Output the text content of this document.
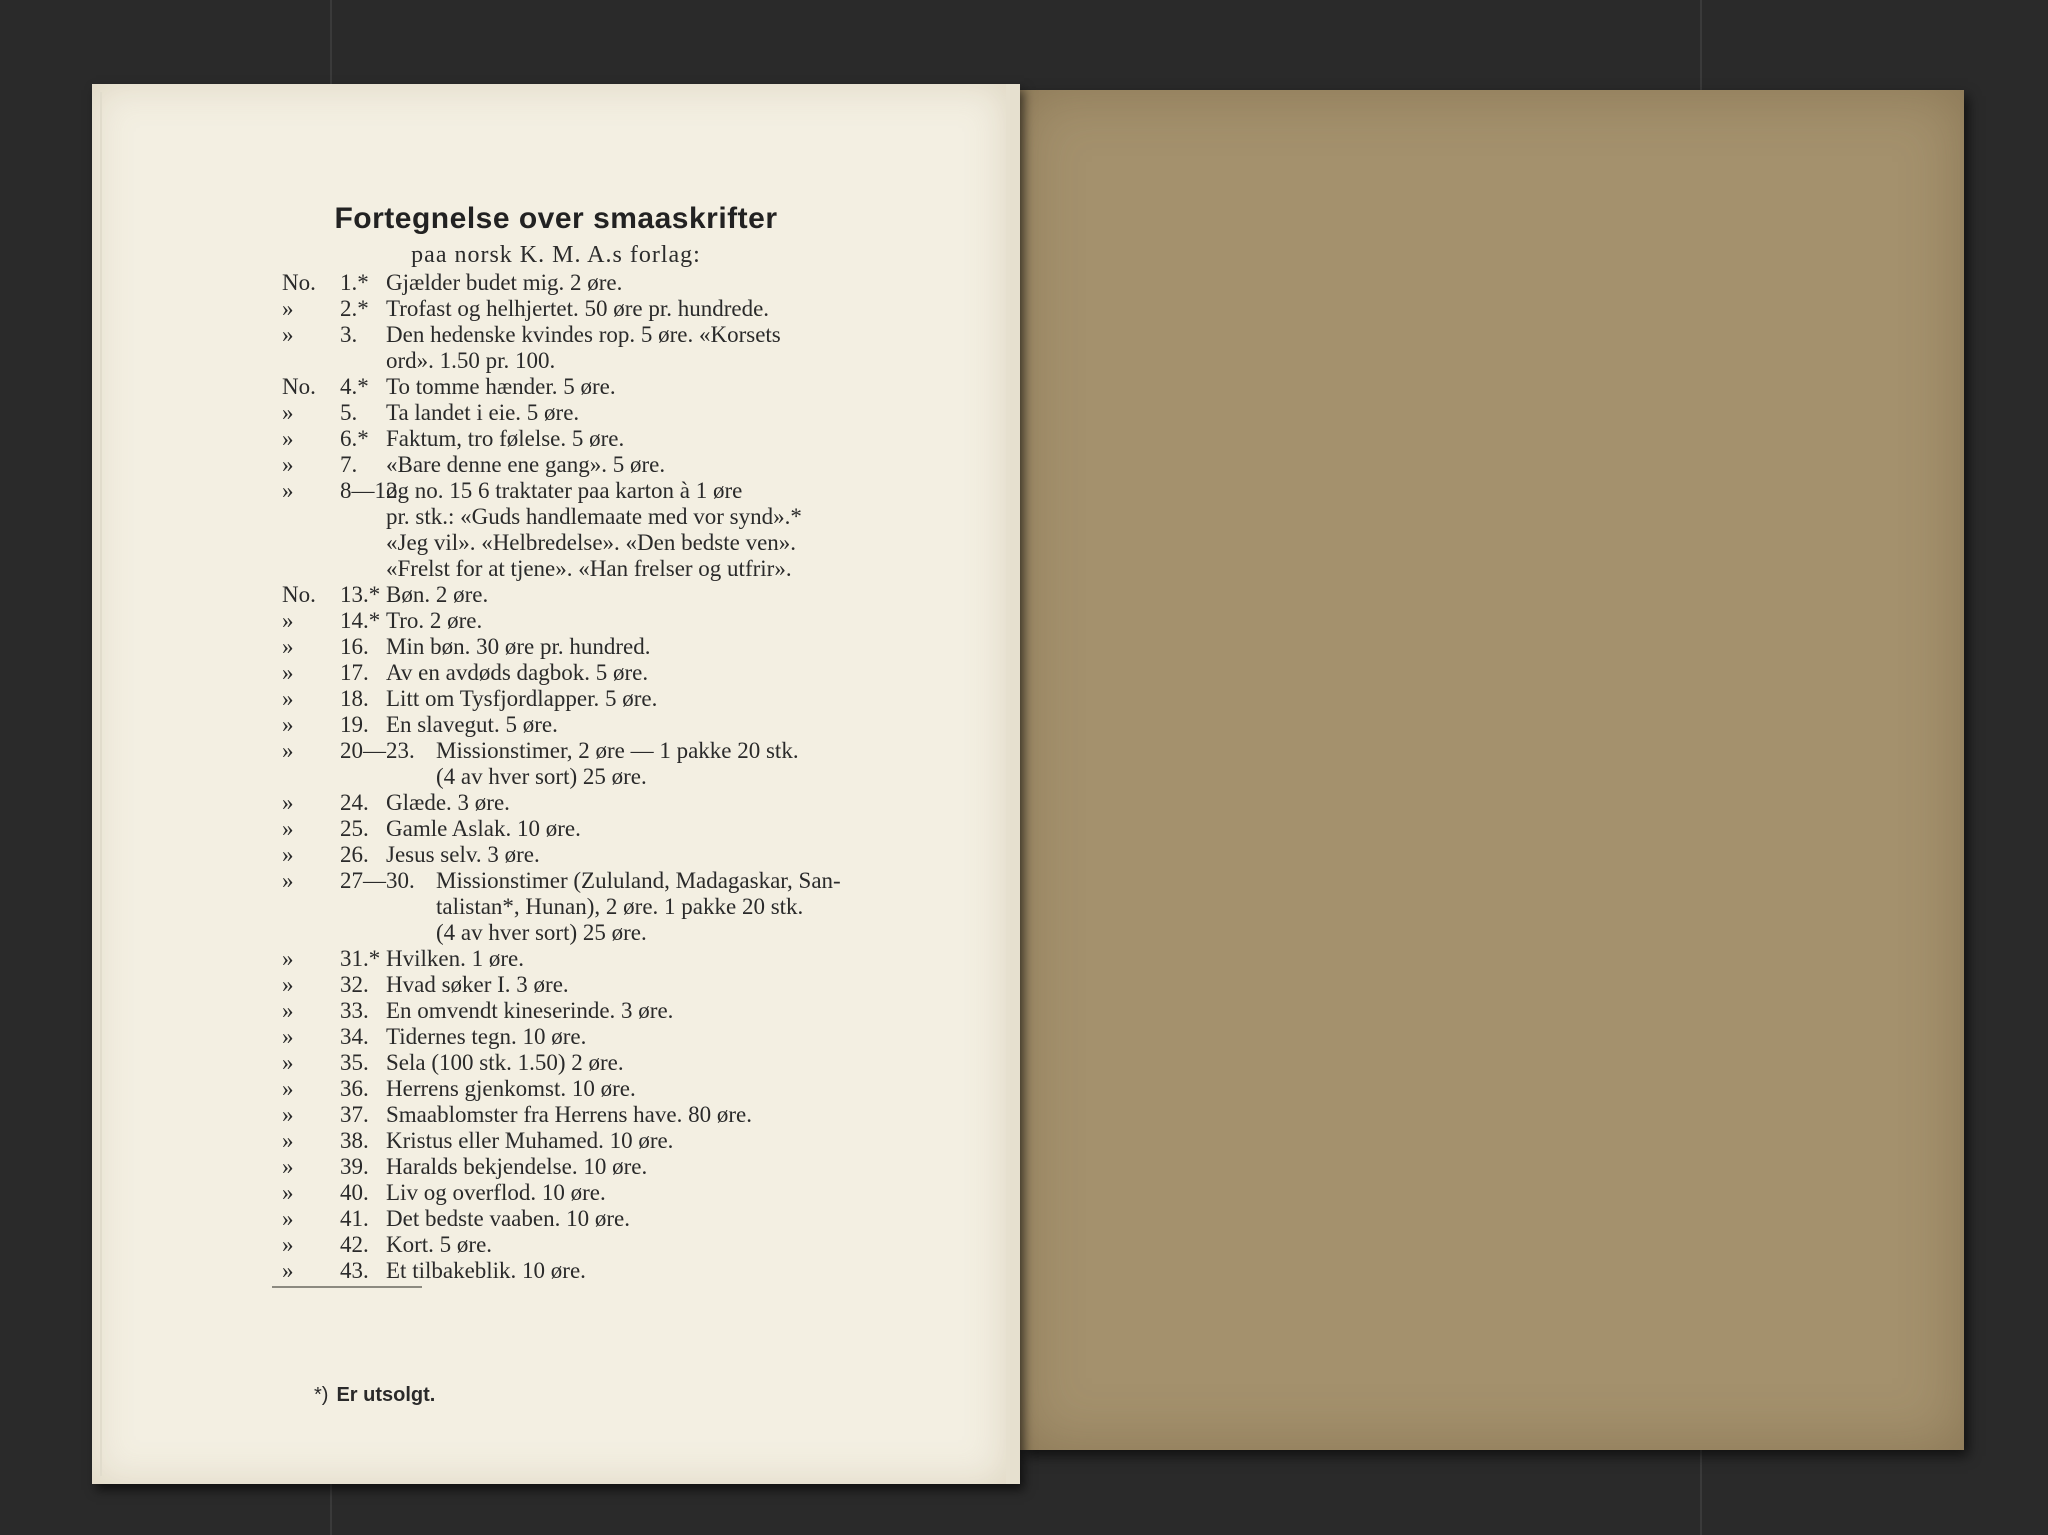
Fortegnelse over smaaskrifter
paa norsk K. M. A.s forlag:
No.	1.* Gjælder budet mig. 2 øre.
»	2.* Trofast og helhjertet. 50 øre pr. hundrede.
»	3. Den hedenske kvindes rop. 5 øre. «Korsets
ord». 1.50 pr. 100.
No.	4.* To tomme hænder. 5 øre.
»	5. Ta landet i eie. 5 øre.
»	6.* Faktum, tro følelse. 5 øre.
»	7. «Bare denne ene gang». 5 øre.
»	8—12
og no. 15 6 traktater paa karton à 1 øre
pr. stk.: «Guds handlemaate med vor synd».*
«Jeg vil». «Helbredelse». «Den bedste ven».
«Frelst for at tjene». «Han frelser og utfrir».
No.	13.* Bøn. 2 øre.
»	14.* Tro. 2 øre.
»	16. Min bøn. 30 øre pr. hundred.
»	17. Av en avdøds dagbok. 5 øre.
»	18. Litt om Tysfjordlapper. 5 øre.
»	19. En slavegut. 5 øre.
»	20—23. Missionstimer, 2 øre — 1 pakke 20 stk.
(4 av hver sort) 25 øre.
»	24. Glæde. 3 øre.
»	25. Gamle Aslak. 10 øre.
»	26. Jesus selv. 3 øre.
»	27—30. Missionstimer (Zululand, Madagaskar, San-
talistan*, Hunan), 2 øre. 1 pakke 20 stk.
(4 av hver sort) 25 øre.
»	31.* Hvilken. 1 øre.
»	32. Hvad søker I. 3 øre.
»	33. En omvendt kineserinde. 3 øre.
»	34. Tidernes tegn. 10 øre.
»	35. Sela (100 stk. 1.50) 2 øre.
»	36. Herrens gjenkomst. 10 øre.
»	37. Smaablomster fra Herrens have. 80 øre.
»	38. Kristus eller Muhamed. 10 øre.
»	39. Haralds bekjendelse. 10 øre.
»	40. Liv og overflod. 10 øre.
»	41. Det bedste vaaben. 10 øre.
»	42. Kort. 5 øre.
»	43. Et tilbakeblik. 10 øre.
*) Er utsolgt.
